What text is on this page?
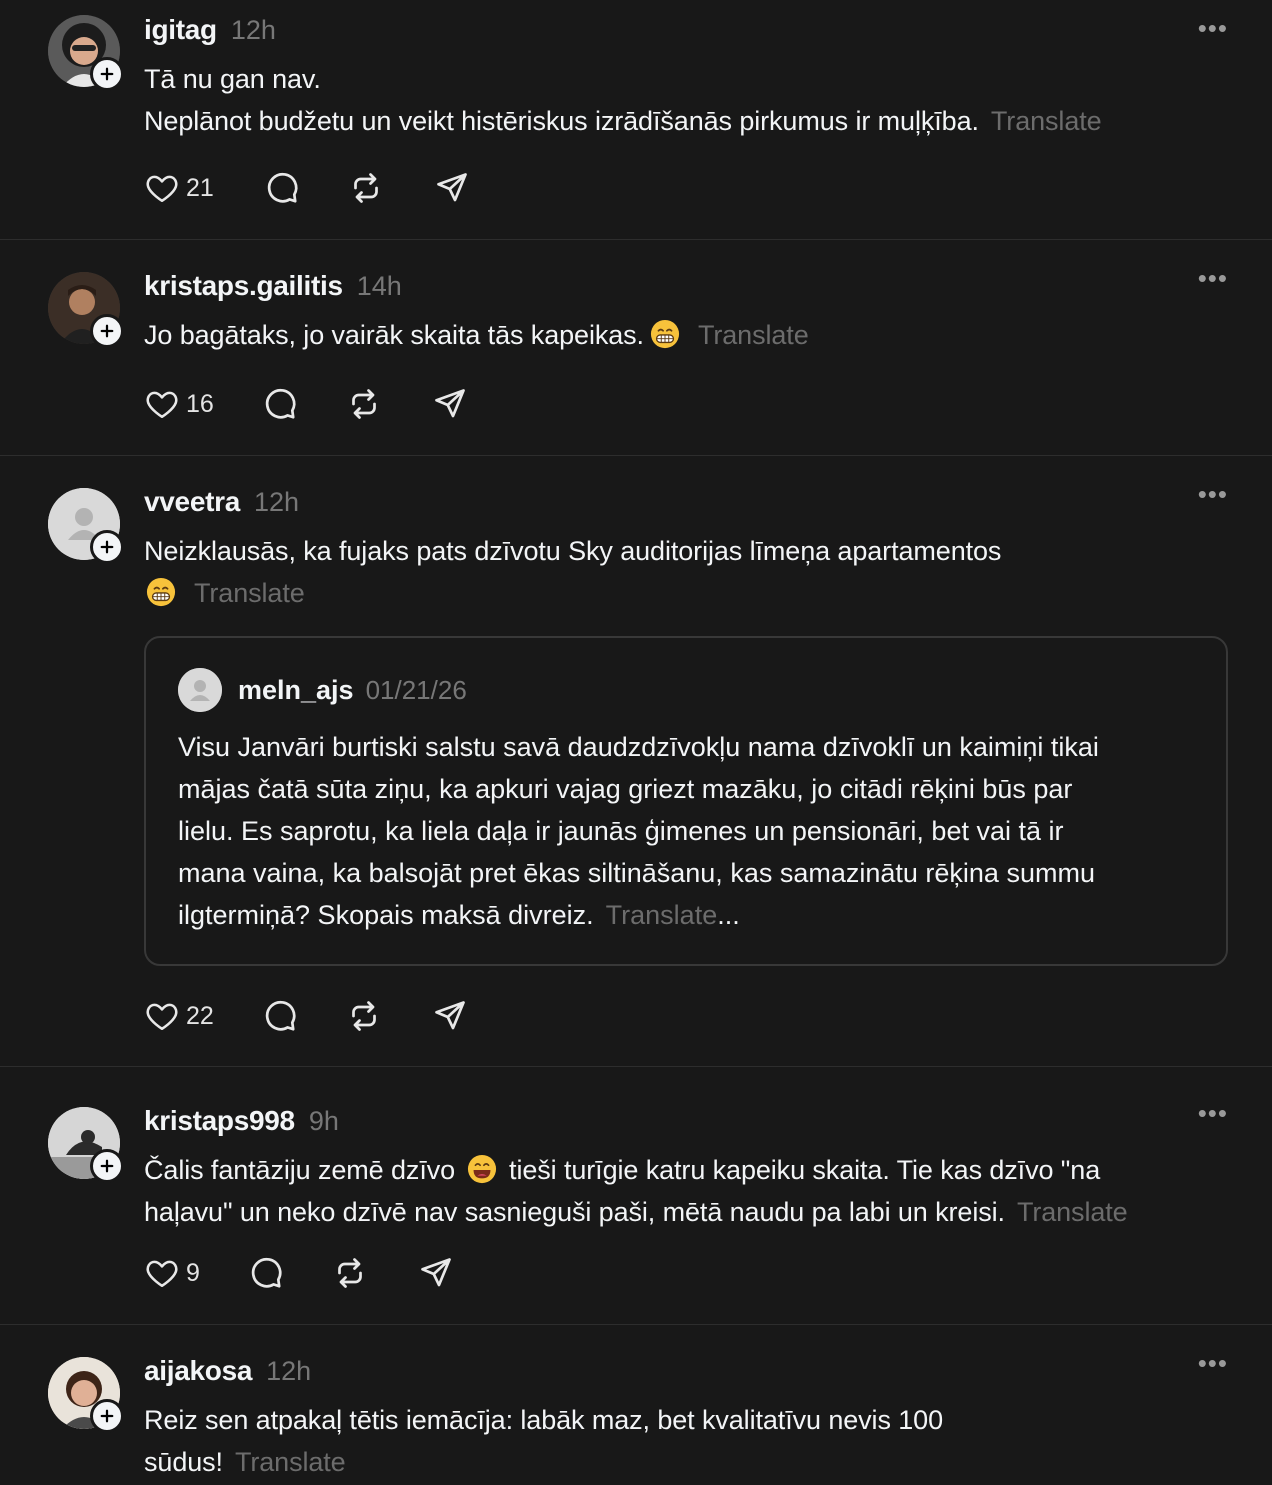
•••
igitag 12h
Tā nu gan nav.
Neplānot budžetu un veikt histēriskus izrādīšanās pirkumus ir muļķība. Translate
21
•••
kristaps.gailitis 14h
Jo bagātaks, jo vairāk skaita tās kapeikas. Translate
16
•••
vveetra 12h
Neizklausās, ka fujaks pats dzīvotu Sky auditorijas līmeņa apartamentos
Translate
meln_ajs 01/21/26
Visu Janvāri burtiski salstu savā daudzdzīvokļu nama dzīvoklī un kaimiņi tikai
mājas čatā sūta ziņu, ka apkuri vajag griezt mazāku, jo citādi rēķini būs par
lielu. Es saprotu, ka liela daļa ir jaunās ģimenes un pensionāri, bet vai tā ir
mana vaina, ka balsojāt pret ēkas siltināšanu, kas samazinātu rēķina summu
ilgtermiņā? Skopais maksā divreiz. Translate...
22
•••
kristaps998 9h
Čalis fantāziju zemē dzīvo tieši turīgie katru kapeiku skaita. Tie kas dzīvo "na
haļavu" un neko dzīvē nav sasnieguši paši, mētā naudu pa labi un kreisi. Translate
9
•••
aijakosa 12h
Reiz sen atpakaļ tētis iemācīja: labāk maz, bet kvalitatīvu nevis 100
sūdus! Translate
